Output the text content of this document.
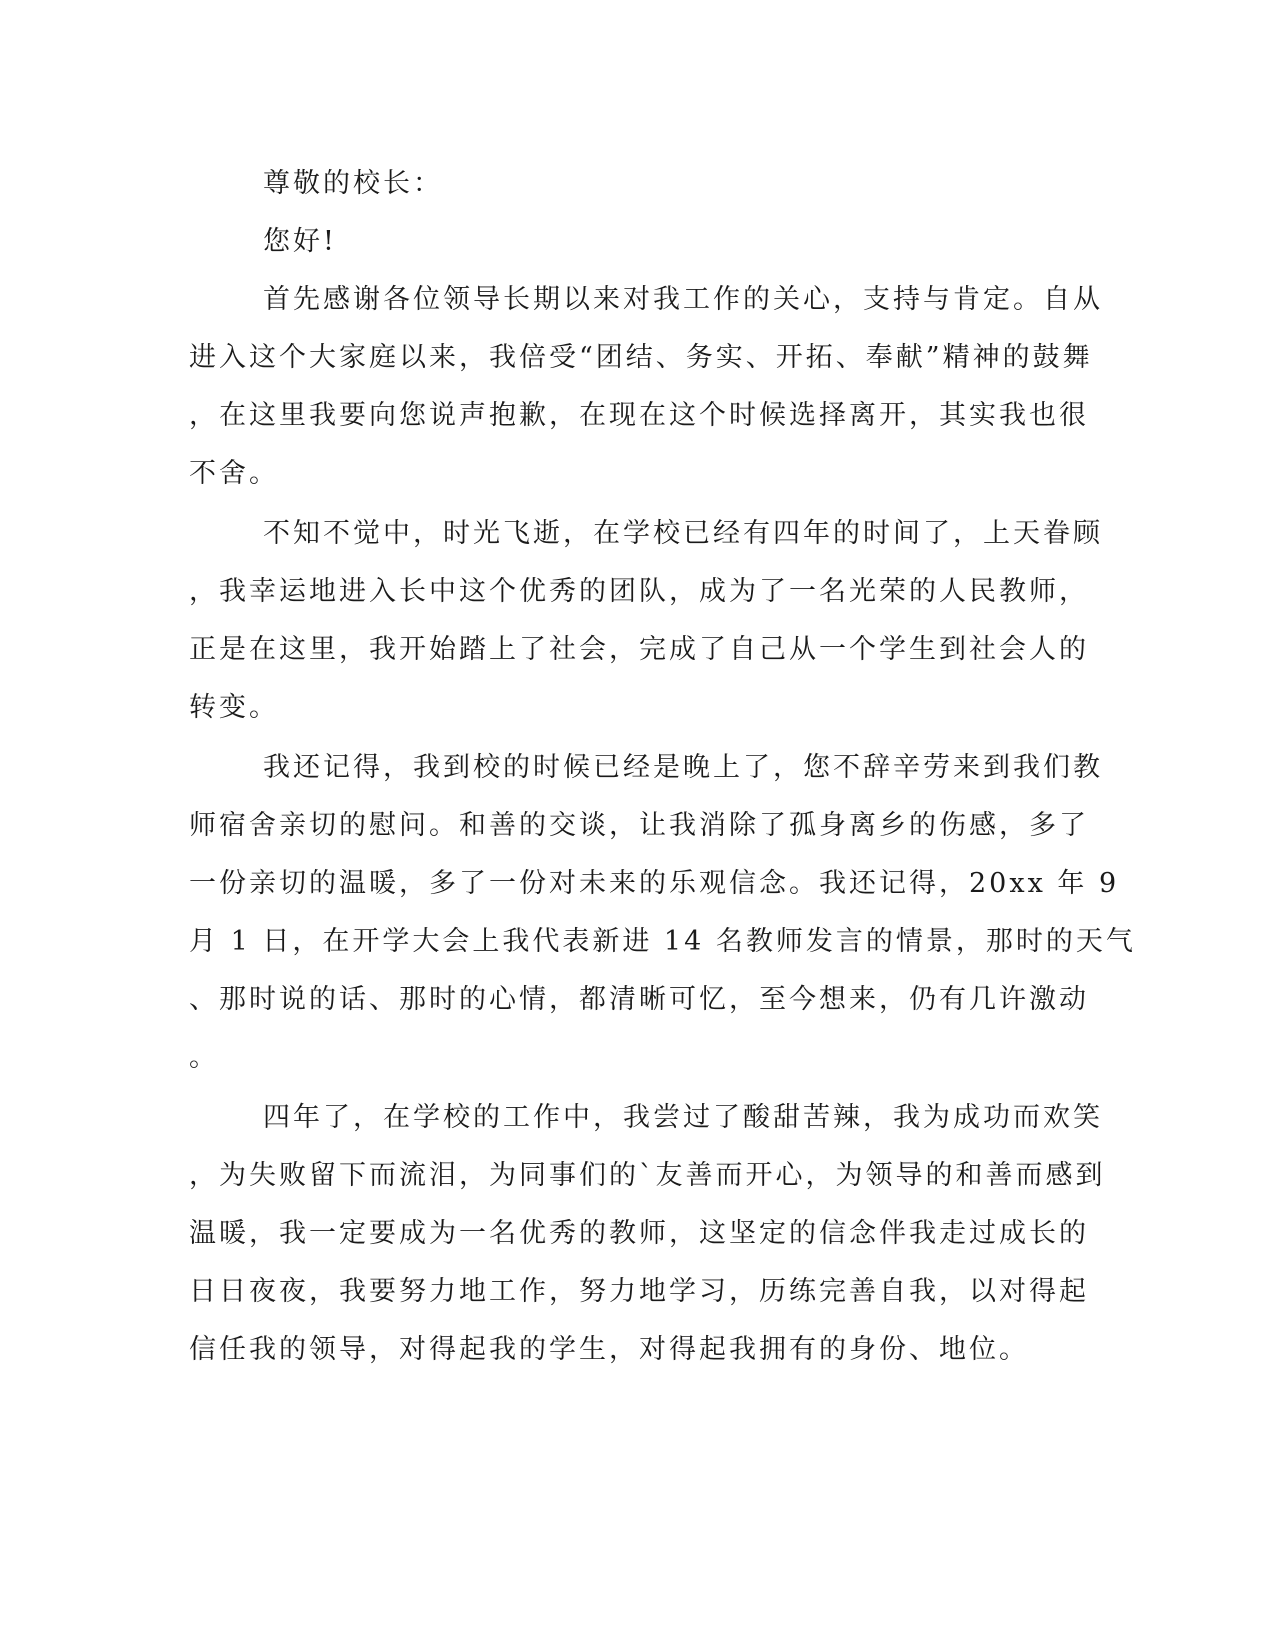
尊敬的校长：
您好!
首先感谢各位领导长期以来对我工作的关心，支持与肯定。自从
进入这个大家庭以来，我倍受“团结、务实、开拓、奉献”精神的鼓舞
，在这里我要向您说声抱歉，在现在这个时候选择离开，其实我也很
不舍。
不知不觉中，时光飞逝，在学校已经有四年的时间了，上天眷顾
，我幸运地进入长中这个优秀的团队，成为了一名光荣的人民教师，
正是在这里，我开始踏上了社会，完成了自己从一个学生到社会人的
转变。
我还记得，我到校的时候已经是晚上了，您不辞辛劳来到我们教
师宿舍亲切的慰问。和善的交谈，让我消除了孤身离乡的伤感，多了
一份亲切的温暖，多了一份对未来的乐观信念。我还记得，20xx 年 9
月 1 日，在开学大会上我代表新进 14 名教师发言的情景，那时的天气
、那时说的话、那时的心情，都清晰可忆，至今想来，仍有几许激动
。
四年了，在学校的工作中，我尝过了酸甜苦辣，我为成功而欢笑
，为失败留下而流泪，为同事们的`友善而开心，为领导的和善而感到
温暖，我一定要成为一名优秀的教师，这坚定的信念伴我走过成长的
日日夜夜，我要努力地工作，努力地学习，历练完善自我，以对得起
信任我的领导，对得起我的学生，对得起我拥有的身份、地位。
